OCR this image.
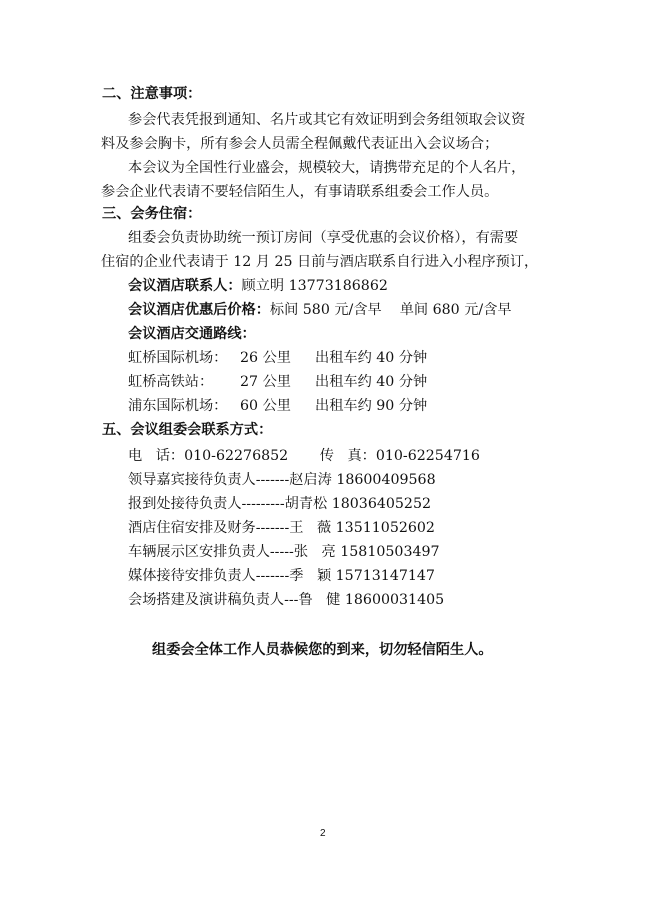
二、注意事项：
参会代表凭报到通知、名片或其它有效证明到会务组领取会议资
料及参会胸卡，所有参会人员需全程佩戴代表证出入会议场合；
本会议为全国性行业盛会，规模较大，请携带充足的个人名片，
参会企业代表请不要轻信陌生人，有事请联系组委会工作人员。
三、会务住宿：
组委会负责协助统一预订房间（享受优惠的会议价格），有需要
住宿的企业代表请于 12 月 25 日前与酒店联系自行进入小程序预订，
会议酒店联系人：顾立明 13773186862
会议酒店优惠后价格：标间 580 元/含早    单间 680 元/含早
会议酒店交通路线：
虹桥国际机场： 26 公里 出租车约 40 分钟
虹桥高铁站： 27 公里 出租车约 40 分钟
浦东国际机场： 60 公里 出租车约 90 分钟
五、会议组委会联系方式：
电   话：010-62276852       传   真：010-62254716
领导嘉宾接待负责人-------赵启涛 18600409568
报到处接待负责人---------胡青松 18036405252
酒店住宿安排及财务-------王   薇 13511052602
车辆展示区安排负责人-----张   亮 15810503497
媒体接待安排负责人-------季   颖 15713147147
会场搭建及演讲稿负责人---鲁   健 18600031405
组委会全体工作人员恭候您的到来，切勿轻信陌生人。
2
